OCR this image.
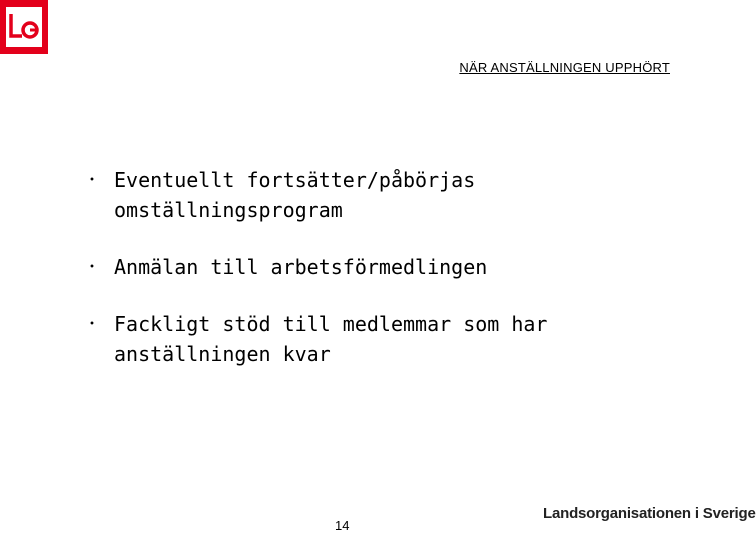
NÄR ANSTÄLLNINGEN UPPHÖRT
・ Eventuellt fortsätter/påbörjas
omställningsprogram
・ Anmälan till arbetsförmedlingen
・ Fackligt stöd till medlemmar som har
anställningen kvar
14
Landsorganisationen i Sverige
